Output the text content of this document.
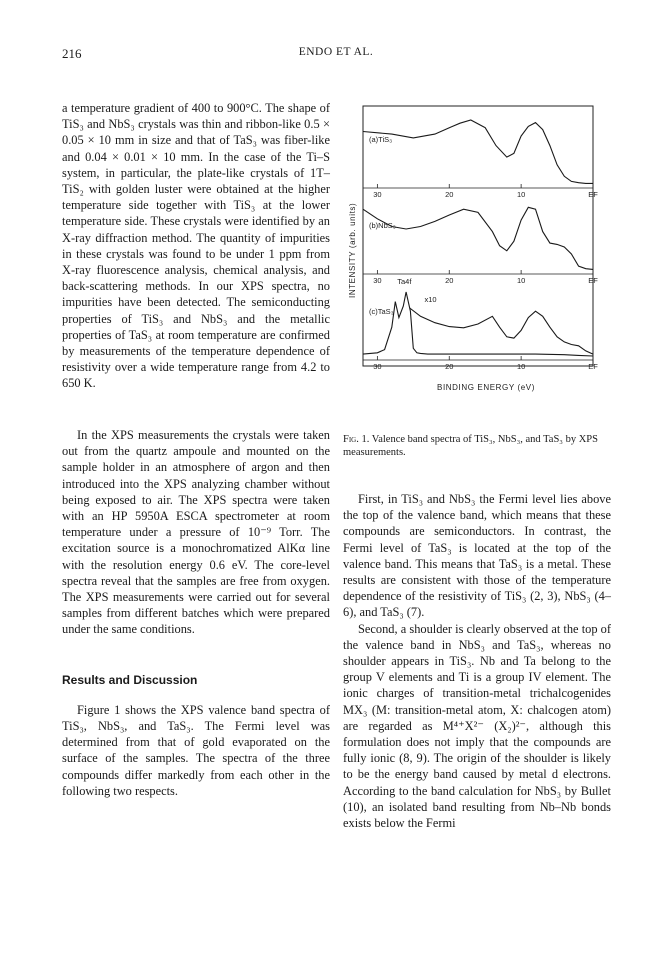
216	ENDO ET AL.

a temperature gradient of 400 to 900°C. The shape of TiS₃ and NbS₃ crystals was thin and ribbon-like 0.5 × 0.05 × 10 mm in size and that of TaS₃ was fiber-like and 0.04 × 0.01 × 10 mm. In the case of the Ti–S system, in particular, the plate-like crystals of 1T–TiS₂ with golden luster were obtained at the higher temperature side together with TiS₃ at the lower temperature side. These crystals were identified by an X-ray diffraction method. The quantity of impurities in these crystals was found to be under 1 ppm from X-ray fluorescence analysis, chemical analysis, and back-scattering methods. In our XPS spectra, no impurities have been detected. The semiconducting properties of TiS₃ and NbS₃ and the metallic properties of TaS₃ at room temperature are confirmed by measurements of the temperature dependence of resistivity over a wide temperature range from 4.2 to 650 K.

In the XPS measurements the crystals were taken out from the quartz ampoule and mounted on the sample holder in an atmosphere of argon and then introduced into the XPS analyzing chamber without being exposed to air. The XPS spectra were taken with an HP 5950A ESCA spectrometer at room temperature under a pressure of 10⁻⁹ Torr. The excitation source is a monochromatized AlKα line with the resolution energy 0.6 eV. The core-level spectra reveal that the samples are free from oxygen. The XPS measurements were carried out for several samples from different batches which were prepared under the same conditions.

Results and Discussion

Figure 1 shows the XPS valence band spectra of TiS₃, NbS₃, and TaS₃. The Fermi level was determined from that of gold evaporated on the surface of the samples. The spectra of the three compounds differ markedly from each other in the following two respects.

30	20	10	EF
(a)TiS₃
30	20	10	EF
(b)NbS₃
30	20	10	EF
(c)TaS₃
Ta4f
x10
INTENSITY (arb. units)
BINDING ENERGY (eV)
Fig. 1. Valence band spectra of TiS₃, NbS₃, and TaS₃ by XPS measurements.

First, in TiS₃ and NbS₃ the Fermi level lies above the top of the valence band, which means that these compounds are semiconductors. In contrast, the Fermi level of TaS₃ is located at the top of the valence band. This means that TaS₃ is a metal. These results are consistent with those of the temperature dependence of the resistivity of TiS₃ (2, 3), NbS₃ (4–6), and TaS₃ (7).

Second, a shoulder is clearly observed at the top of the valence band in NbS₃ and TaS₃, whereas no shoulder appears in TiS₃. Nb and Ta belong to the group V elements and Ti is a group IV element. The ionic charges of transition-metal trichalcogenides MX₃ (M: transition-metal atom, X: chalcogen atom) are regarded as M⁴⁺X²⁻ (X₂)²⁻, although this formulation does not imply that the compounds are fully ionic (8, 9). The origin of the shoulder is likely to be the energy band caused by metal d electrons. According to the band calculation for NbS₃ by Bullet (10), an isolated band resulting from Nb–Nb bonds exists below the Fermi
